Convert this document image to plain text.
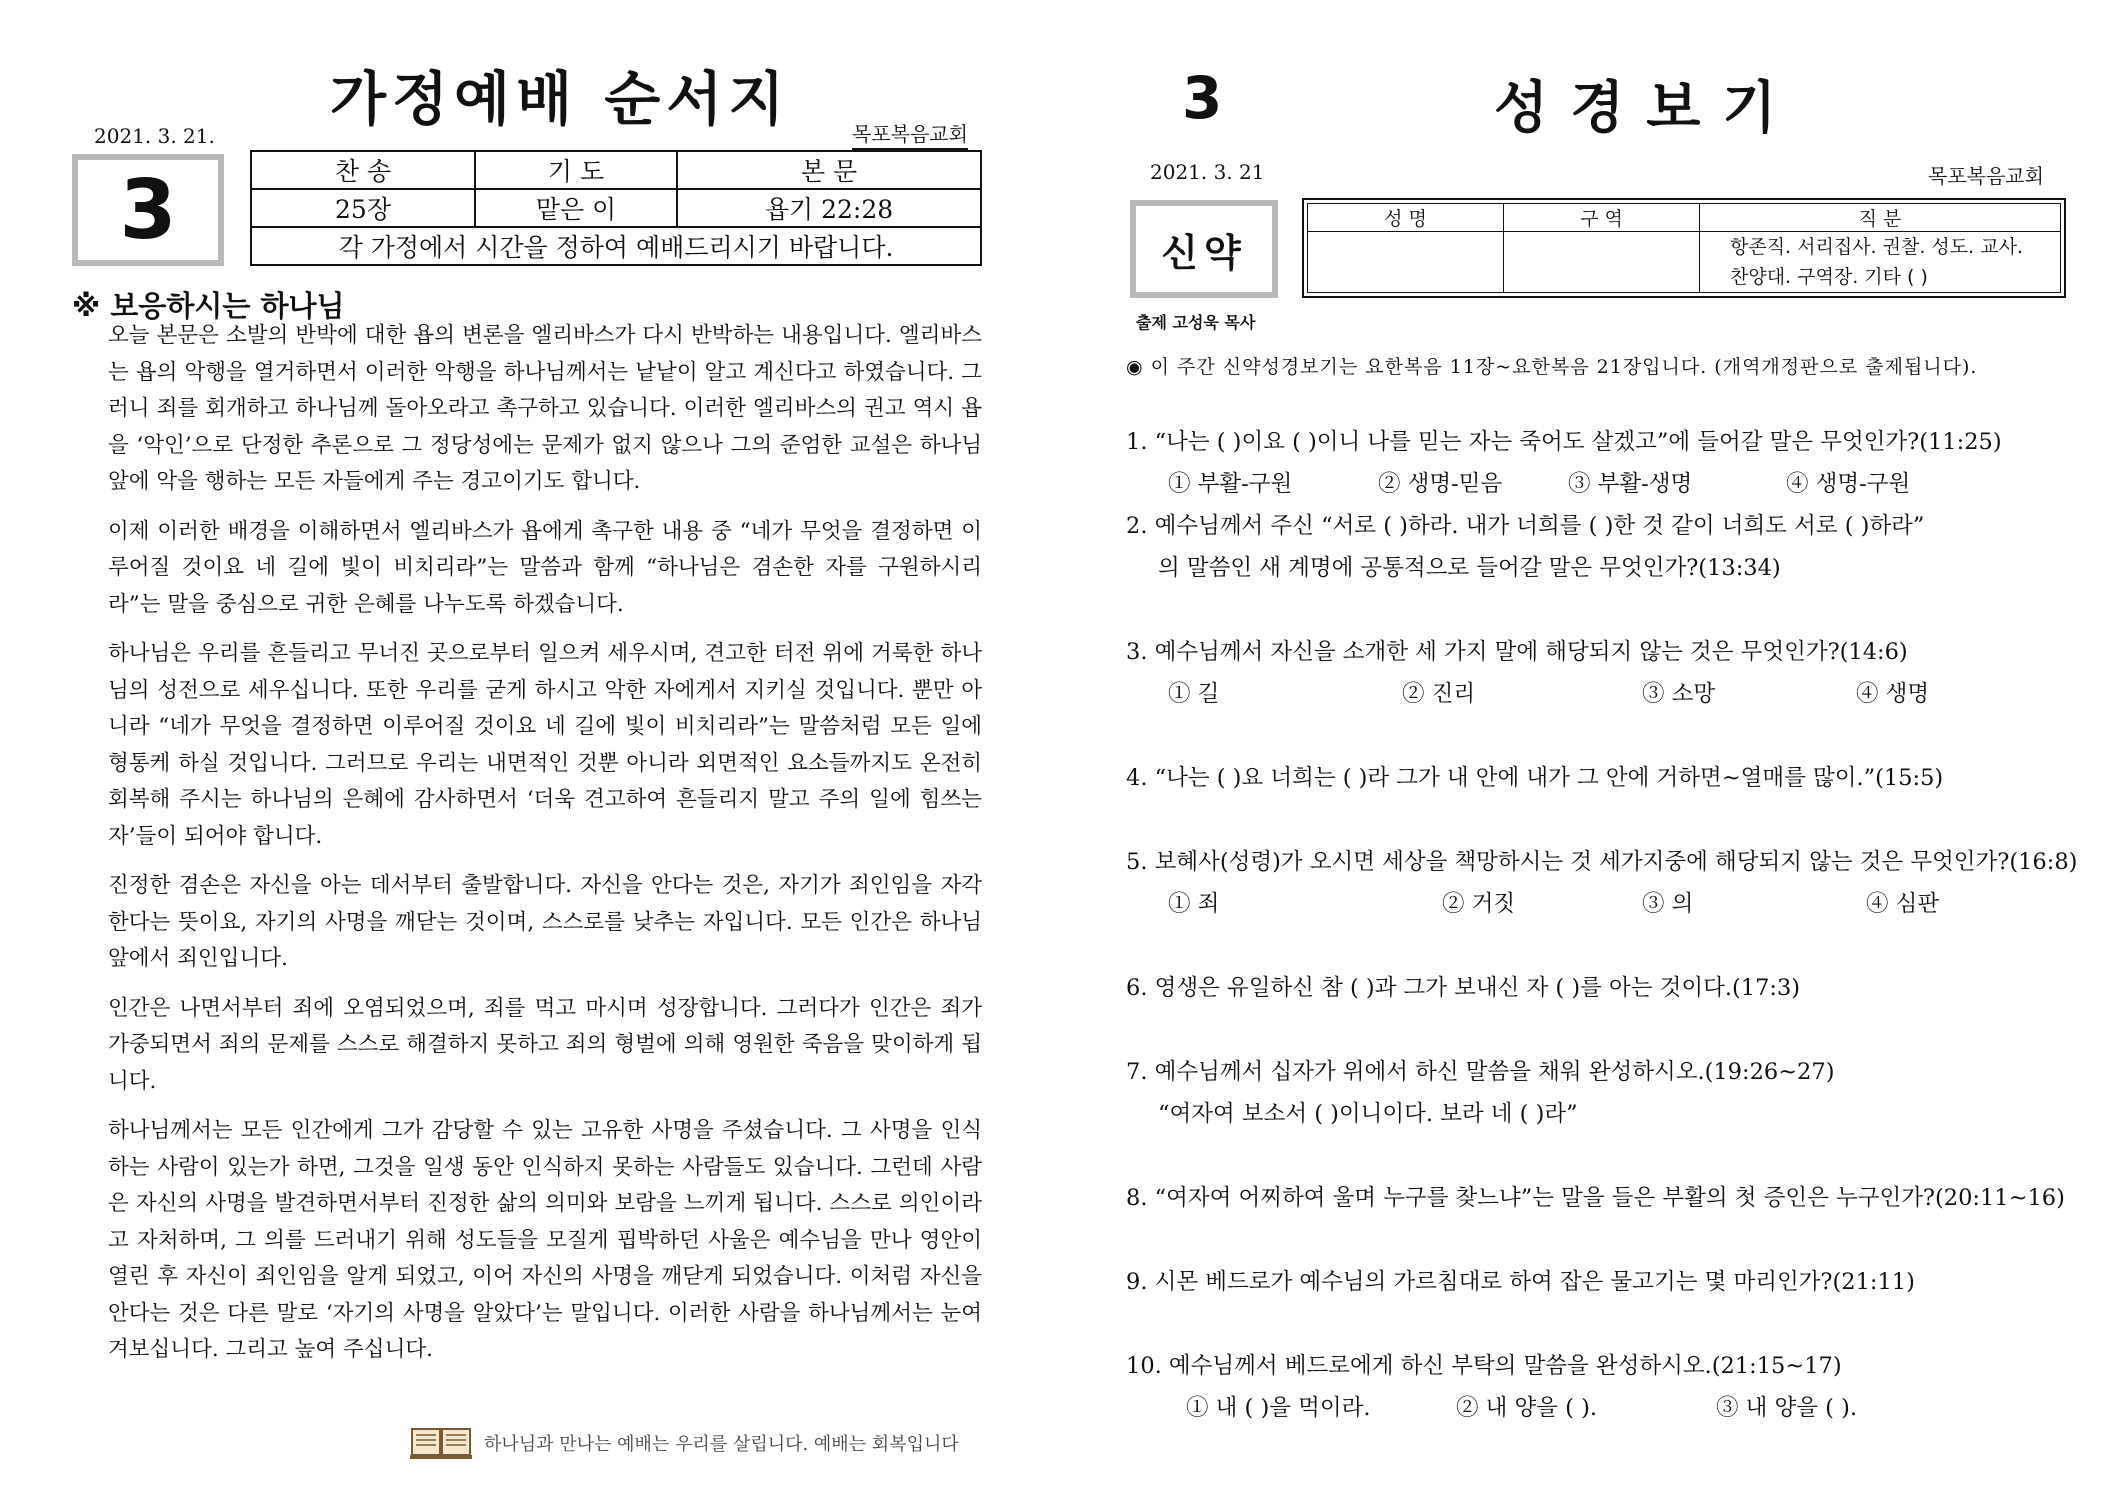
가정예배 순서지
2021. 3. 21.	목포복음교회
3	찬 송	기 도	본 문
25장	맡은 이	욥기 22:28
각 가정에서 시간을 정하여 예배드리시기 바랍니다.		
※ 보응하시는 하나님

오늘 본문은 소발의 반박에 대한 욥의 변론을 엘리바스가 다시 반박하는 내용입니다. 엘리바스는 욥의 악행을 열거하면서 이러한 악행을 하나님께서는 낱낱이 알고 계신다고 하였습니다. 그러니 죄를 회개하고 하나님께 돌아오라고 촉구하고 있습니다. 이러한 엘리바스의 권고 역시 욥을 ‘악인’으로 단정한 추론으로 그 정당성에는 문제가 없지 않으나 그의 준엄한 교설은 하나님 앞에 악을 행하는 모든 자들에게 주는 경고이기도 합니다.

이제 이러한 배경을 이해하면서 엘리바스가 욥에게 촉구한 내용 중 “네가 무엇을 결정하면 이루어질 것이요 네 길에 빛이 비치리라”는 말씀과 함께 “하나님은 겸손한 자를 구원하시리라”는 말을 중심으로 귀한 은혜를 나누도록 하겠습니다.

하나님은 우리를 흔들리고 무너진 곳으로부터 일으켜 세우시며, 견고한 터전 위에 거룩한 하나님의 성전으로 세우십니다. 또한 우리를 굳게 하시고 악한 자에게서 지키실 것입니다. 뿐만 아니라 “네가 무엇을 결정하면 이루어질 것이요 네 길에 빛이 비치리라”는 말씀처럼 모든 일에 형통케 하실 것입니다. 그러므로 우리는 내면적인 것뿐 아니라 외면적인 요소들까지도 온전히 회복해 주시는 하나님의 은혜에 감사하면서 ‘더욱 견고하여 흔들리지 말고 주의 일에 힘쓰는 자’들이 되어야 합니다.

진정한 겸손은 자신을 아는 데서부터 출발합니다. 자신을 안다는 것은, 자기가 죄인임을 자각한다는 뜻이요, 자기의 사명을 깨닫는 것이며, 스스로를 낮추는 자입니다. 모든 인간은 하나님 앞에서 죄인입니다.

인간은 나면서부터 죄에 오염되었으며, 죄를 먹고 마시며 성장합니다. 그러다가 인간은 죄가 가중되면서 죄의 문제를 스스로 해결하지 못하고 죄의 형벌에 의해 영원한 죽음을 맞이하게 됩니다.

하나님께서는 모든 인간에게 그가 감당할 수 있는 고유한 사명을 주셨습니다. 그 사명을 인식하는 사람이 있는가 하면, 그것을 일생 동안 인식하지 못하는 사람들도 있습니다. 그런데 사람은 자신의 사명을 발견하면서부터 진정한 삶의 의미와 보람을 느끼게 됩니다. 스스로 의인이라고 자처하며, 그 의를 드러내기 위해 성도들을 모질게 핍박하던 사울은 예수님을 만나 영안이 열린 후 자신이 죄인임을 알게 되었고, 이어 자신의 사명을 깨닫게 되었습니다. 이처럼 자신을 안다는 것은 다른 말로 ‘자기의 사명을 알았다’는 말입니다. 이러한 사람을 하나님께서는 눈여겨보십니다. 그리고 높여 주십니다.

하나님과 만나는 예배는 우리를 살립니다. 예배는 회복입니다
3	성경보기
2021. 3. 21	목포복음교회
신약
성 명	구 역	직 분

		항존직. 서리집사. 권찰. 성도. 교사.
찬양대. 구역장. 기타 ( )
출제 고성욱 목사
◉ 이 주간 신약성경보기는 요한복음 11장~요한복음 21장입니다. (개역개정판으로 출제됩니다).
1. “나는 ( )이요 ( )이니 나를 믿는 자는 죽어도 살겠고”에 들어갈 말은 무엇인가?(11:25)
① 부활-구원	② 생명-믿음	③ 부활-생명	④ 생명-구원
2. 예수님께서 주신 “서로 ( )하라. 내가 너희를 ( )한 것 같이 너희도 서로 ( )하라”
의 말씀인 새 계명에 공통적으로 들어갈 말은 무엇인가?(13:34)
3. 예수님께서 자신을 소개한 세 가지 말에 해당되지 않는 것은 무엇인가?(14:6)
① 길	② 진리	③ 소망	④ 생명
4. “나는 ( )요 너희는 ( )라 그가 내 안에 내가 그 안에 거하면~열매를 많이.”(15:5)
5. 보혜사(성령)가 오시면 세상을 책망하시는 것 세가지중에 해당되지 않는 것은 무엇인가?(16:8)
① 죄	② 거짓	③ 의	④ 심판
6. 영생은 유일하신 참 ( )과 그가 보내신 자 ( )를 아는 것이다.(17:3)
7. 예수님께서 십자가 위에서 하신 말씀을 채워 완성하시오.(19:26~27)
“여자여 보소서 ( )이니이다. 보라 네 ( )라”
8. “여자여 어찌하여 울며 누구를 찾느냐”는 말을 들은 부활의 첫 증인은 누구인가?(20:11~16)
9. 시몬 베드로가 예수님의 가르침대로 하여 잡은 물고기는 몇 마리인가?(21:11)
10. 예수님께서 베드로에게 하신 부탁의 말씀을 완성하시오.(21:15~17)
① 내 ( )을 먹이라.	② 내 양을 ( ).	③ 내 양을 ( ).
